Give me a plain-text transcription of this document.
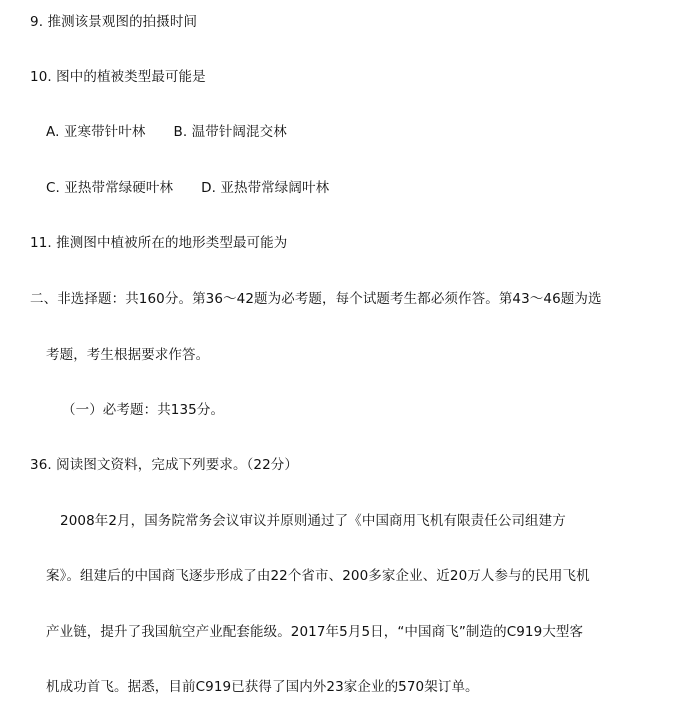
9. 推测该景观图的拍摄时间
10. 图中的植被类型最可能是
A. 亚寒带针叶林 B. 温带针阔混交林
C. 亚热带常绿硬叶林 D. 亚热带常绿阔叶林
11. 推测图中植被所在的地形类型最可能为
二、非选择题：共160分。第36～42题为必考题，每个试题考生都必须作答。第43～46题为选
考题，考生根据要求作答。
（一）必考题：共135分。
36. 阅读图文资料，完成下列要求。（22分）
2008年2月，国务院常务会议审议并原则通过了《中国商用飞机有限责任公司组建方
案》。组建后的中国商飞逐步形成了由22个省市、200多家企业、近20万人参与的民用飞机
产业链，提升了我国航空产业配套能级。2017年5月5日，“中国商飞”制造的C919大型客
机成功首飞。据悉，目前C919已获得了国内外23家企业的570架订单。
